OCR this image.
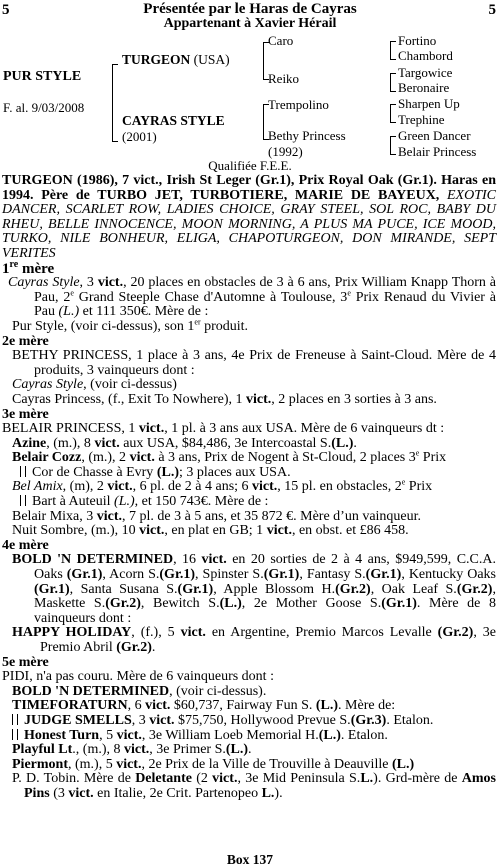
5	5
Présentée par le Haras de Cayras
Appartenant à Xavier Hérail
PUR STYLE
F. al. 9/03/2008
TURGEON (USA)
CAYRAS STYLE
(2001)
Caro
Reiko
Trempolino
Bethy Princess
(1992)
Fortino
Chambord
Targowice
Beronaire
Sharpen Up
Trephine
Green Dancer
Belair Princess
Qualifiée F.E.E.
TURGEON (1986), 7 vict., Irish St Leger (Gr.1), Prix Royal Oak (Gr.1). Haras en 1994. Père de TURBO JET, TURBOTIERE, MARIE DE BAYEUX, EXOTIC DANCER, SCARLET ROW, LADIES CHOICE, GRAY STEEL, SOL ROC, BABY DU RHEU, BELLE INNOCENCE, MOON MORNING, A PLUS MA PUCE, ICE MOOD, TURKO, NILE BONHEUR, ELIGA, CHAPOTURGEON, DON MIRANDE, SEPT VERITES
1re mère
Cayras Style, 3 vict., 20 places en obstacles de 3 à 6 ans, Prix William Knapp Thorn à Pau, 2e Grand Steeple Chase d'Automne à Toulouse, 3e Prix Renaud du Vivier à Pau (L.) et 111 350€. Mère de :
Pur Style, (voir ci-dessus), son 1er produit.
2e mère
BETHY PRINCESS, 1 place à 3 ans, 4e Prix de Freneuse à Saint-Cloud. Mère de 4 produits, 3 vainqueurs dont :
Cayras Style, (voir ci-dessus)
Cayras Princess, (f., Exit To Nowhere), 1 vict., 2 places en 3 sorties à 3 ans.
3e mère
BELAIR PRINCESS, 1 vict., 1 pl. à 3 ans aux USA. Mère de 6 vainqueurs dt :
Azine, (m.), 8 vict. aux USA, $84,486, 3e Intercoastal S.(L.).
Belair Cozz, (m.), 2 vict. à 3 ans, Prix de Nogent à St-Cloud, 2 places 3e Prix
Cor de Chasse à Evry (L.); 3 places aux USA.
Bel Amix, (m), 2 vict., 6 pl. de 2 à 4 ans; 6 vict., 15 pl. en obstacles, 2e Prix
Bart à Auteuil (L.), et 150 743€. Mère de :
Belair Mixa, 3 vict., 7 pl. de 3 à 5 ans, et 35 872 €. Mère d’un vainqueur.
Nuit Sombre, (m.), 10 vict., en plat en GB; 1 vict., en obst. et £86 458.
4e mère
BOLD 'N DETERMINED, 16 vict. en 20 sorties de 2 à 4 ans, $949,599, C.C.A. Oaks (Gr.1), Acorn S.(Gr.1), Spinster S.(Gr.1), Fantasy S.(Gr.1), Kentucky Oaks (Gr.1), Santa Susana S.(Gr.1), Apple Blossom H.(Gr.2), Oak Leaf S.(Gr.2), Maskette S.(Gr.2), Bewitch S.(L.), 2e Mother Goose S.(Gr.1). Mère de 8 vainqueurs dont :
HAPPY HOLIDAY, (f.), 5 vict. en Argentine, Premio Marcos Levalle (Gr.2), 3e Premio Abril (Gr.2).
5e mère
PIDI, n'a pas couru. Mère de 6 vainqueurs dont :
BOLD 'N DETERMINED, (voir ci-dessus).
TIMEFORATURN, 6 vict. $60,737, Fairway Fun S. (L.). Mère de:
JUDGE SMELLS, 3 vict. $75,750, Hollywood Prevue S.(Gr.3). Etalon.
Honest Turn, 5 vict., 3e William Loeb Memorial H.(L.). Etalon.
Playful Lt., (m.), 8 vict., 3e Primer S.(L.).
Piermont, (m.), 5 vict., 2e Prix de la Ville de Trouville à Deauville (L.)
P. D. Tobin. Mère de Deletante (2 vict., 3e Mid Peninsula S.L.). Grd-mère de Amos Pins (3 vict. en Italie, 2e Crit. Partenopeo L.).
Box 137
